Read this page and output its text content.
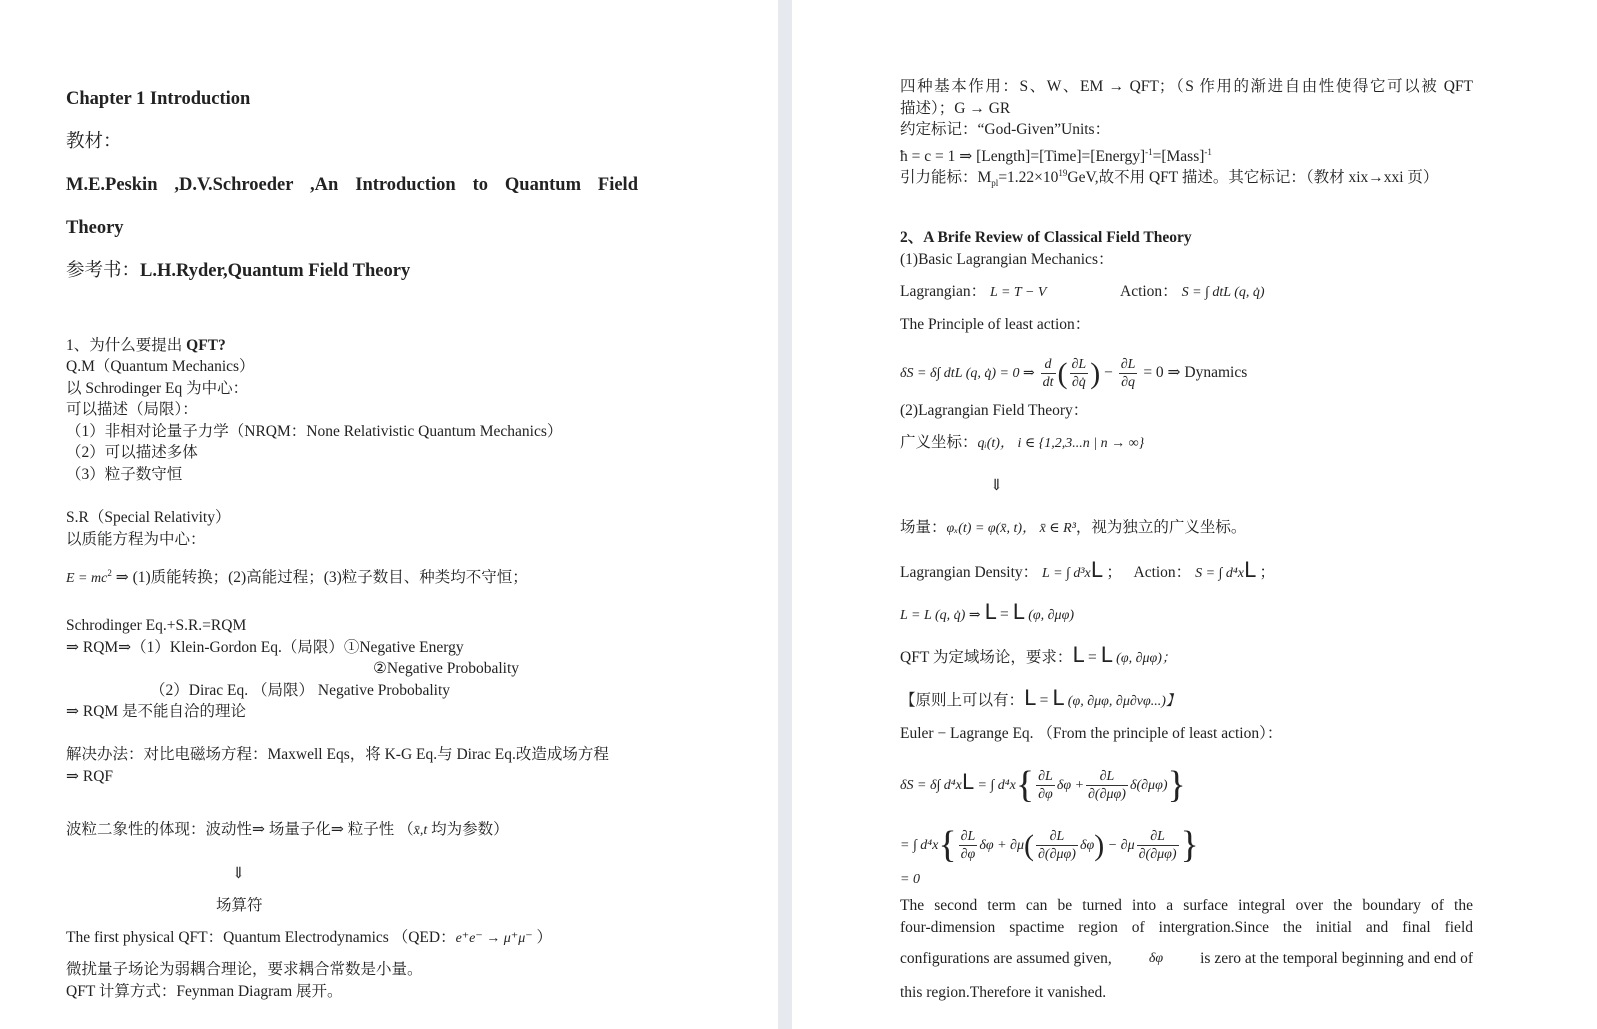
Chapter 1 Introduction
教材：
M.E.Peskin ,D.V.Schroeder ,An Introduction to Quantum Field
Theory
参考书：L.H.Ryder,Quantum Field Theory
1、为什么要提出 QFT?
Q.M（Quantum Mechanics）
以 Schrodinger Eq 为中心：
可以描述（局限）：
（1）非相对论量子力学（NRQM：None Relativistic Quantum Mechanics）
（2）可以描述多体
（3）粒子数守恒
S.R（Special Relativity）
以质能方程为中心：
$E = mc^2$ ⇒ (1)质能转换；(2)高能过程；(3)粒子数目、种类均不守恒；
Schrodinger Eq.+S.R.=RQM
⇒ RQM⇒（1）Klein-Gordon Eq.（局限）①Negative Energy
②Negative Probobality
（2）Dirac Eq. （局限） Negative Probobality
⇒ RQM 是不能自洽的理论
解决办法：对比电磁场方程：Maxwell Eqs，将 K-G Eq.与 Dirac Eq.改造成场方程
⇒ RQF
波粒二象性的体现：波动性⇒ 场量子化⇒ 粒子性 （x̄,t 均为参数）
⇓
场算符
The first physical QFT：Quantum Electrodynamics （QED：e⁺e⁻ → μ⁺μ⁻ ）
微扰量子场论为弱耦合理论，要求耦合常数是小量。
QFT 计算方式：Feynman Diagram 展开。
四种基本作用：S、W、EM → QFT；（S 作用的渐进自由性使得它可以被 QFT
描述）；G → GR
约定标记：“God-Given”Units：
ħ = c = 1 ⇒ [Length]=[Time]=[Energy]$^{-1}$=[Mass]$^{-1}$
引力能标：$M_{pl}=1.22\times 10^{19}GeV$,故不用 QFT 描述。其它标记：（教材 xix→xxi 页）
2、A Brife Review of Classical Field Theory
(1)Basic Lagrangian Mechanics：
Lagrangian： L = T − V	Action： S = ∫ dtL (q, q̇)
The Principle of least action：
δS = δ∫ dtL (q, q̇) = 0 ⇒ $\frac{d}{dt}$ ( $\frac{\partial L}{\partial q̇}$ ) − $\frac{\partial L}{\partial q} = 0$ ⇒ Dynamics
(2)Lagrangian Field Theory：
广义坐标：qᵢ(t)， i ∈ {1,2,3...n | n → ∞}
⇓
场量：φₓ(t) = φ(x̄, t)， x̄ ∈ R³，视为独立的广义坐标。
Lagrangian Density： L = ∫ d³xL ； Action： S = ∫ d⁴xL ；
L = L (q, q̇) ⇒ L = L (φ, ∂μφ)
QFT 为定域场论，要求：L = L (φ, ∂μφ)；
【原则上可以有：L = L (φ, ∂μφ, ∂μ∂νφ...)】
Euler − Lagrange Eq. （From the principle of least action）：
δS = δ∫ d⁴xL = ∫ $d^4x\{ \frac{\partial L}{\partial\varphi}$ $\delta\varphi + \frac{\partial L}{\partial(\partial\mu\varphi)} \delta(\partial\mu\varphi)$}
= ∫ $d^4x\{ \frac{\partial L}{\partial\varphi}$ $\delta\varphi + \partial\mu( \frac{\partial L}{\partial(\partial\mu\varphi)} \delta\varphi) - \partial\mu \frac{\partial L}{\partial(\partial\mu\varphi)}$ }
= 0
The second term can be turned into a surface integral over the boundary of the
four-dimension spactime region of intergration.Since the initial and final field
configurations are assumed given,	δφ is zero at the temporal beginning and end of
this region.Therefore it vanished.
